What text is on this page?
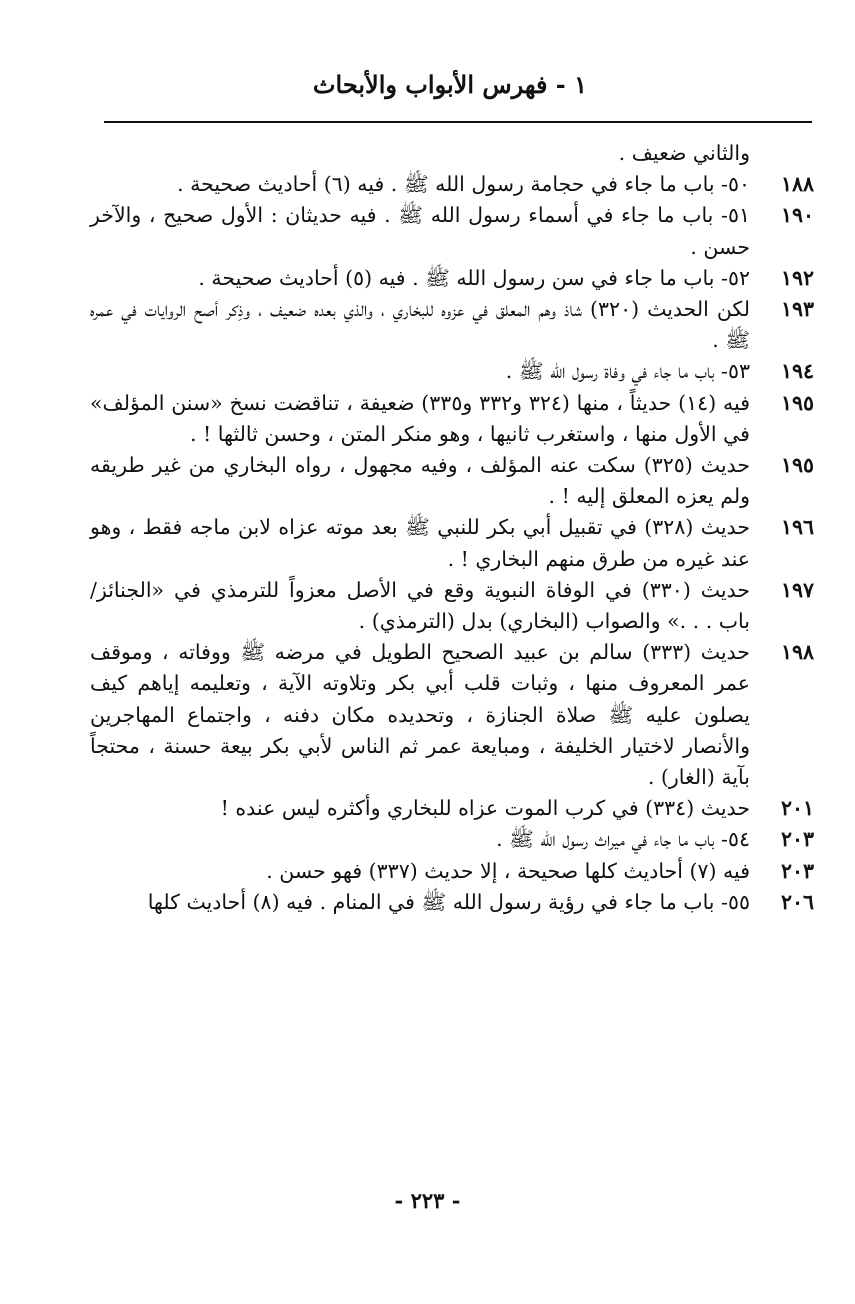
١ - فهرس الأبواب والأبحاث
والثاني ضعيف .
١٨٨
٥٠- باب ما جاء في حجامة رسول الله ﷺ . فيه (٦) أحاديث صحيحة .
١٩٠
٥١- باب ما جاء في أسماء رسول الله ﷺ . فيه حديثان : الأول صحيح ، والآخر حسن .
١٩٢
٥٢- باب ما جاء في سن رسول الله ﷺ . فيه (٥) أحاديث صحيحة .
١٩٣
لكن الحديث (٣٢٠) شاذ وهم المعلق في عزوه للبخاري ، والذي بعده ضعيف ، وذِكر أصح الروايات في عمره ﷺ .
١٩٤
٥٣- باب ما جاء في وفاة رسول الله ﷺ .
١٩٥
فيه (١٤) حديثاً ، منها (٣٢٤ و٣٣٢ و٣٣٥) ضعيفة ، تناقضت نسخ «سنن المؤلف» في الأول منها ، واستغرب ثانيها ، وهو منكر المتن ، وحسن ثالثها ! .
١٩٥
حديث (٣٢٥) سكت عنه المؤلف ، وفيه مجهول ، رواه البخاري من غير طريقه ولم يعزه المعلق إليه ! .
١٩٦
حديث (٣٢٨) في تقبيل أبي بكر للنبي ﷺ بعد موته عزاه لابن ماجه فقط ، وهو عند غيره من طرق منهم البخاري ! .
١٩٧
حديث (٣٣٠) في الوفاة النبوية وقع في الأصل معزواً للترمذي في «الجنائز/ باب . . .» والصواب (البخاري) بدل (الترمذي) .
١٩٨
حديث (٣٣٣) سالم بن عبيد الصحيح الطويل في مرضه ﷺ ووفاته ، وموقف عمر المعروف منها ، وثبات قلب أبي بكر وتلاوته الآية ، وتعليمه إياهم كيف يصلون عليه ﷺ صلاة الجنازة ، وتحديده مكان دفنه ، واجتماع المهاجرين والأنصار لاختيار الخليفة ، ومبايعة عمر ثم الناس لأبي بكر بيعة حسنة ، محتجاً بآية (الغار) .
٢٠١
حديث (٣٣٤) في كرب الموت عزاه للبخاري وأكثره ليس عنده !
٢٠٣
٥٤- باب ما جاء في ميراث رسول الله ﷺ .
٢٠٣
فيه (٧) أحاديث كلها صحيحة ، إلا حديث (٣٣٧) فهو حسن .
٢٠٦
٥٥- باب ما جاء في رؤية رسول الله ﷺ في المنام . فيه (٨) أحاديث كلها
- ٢٢٣ -
